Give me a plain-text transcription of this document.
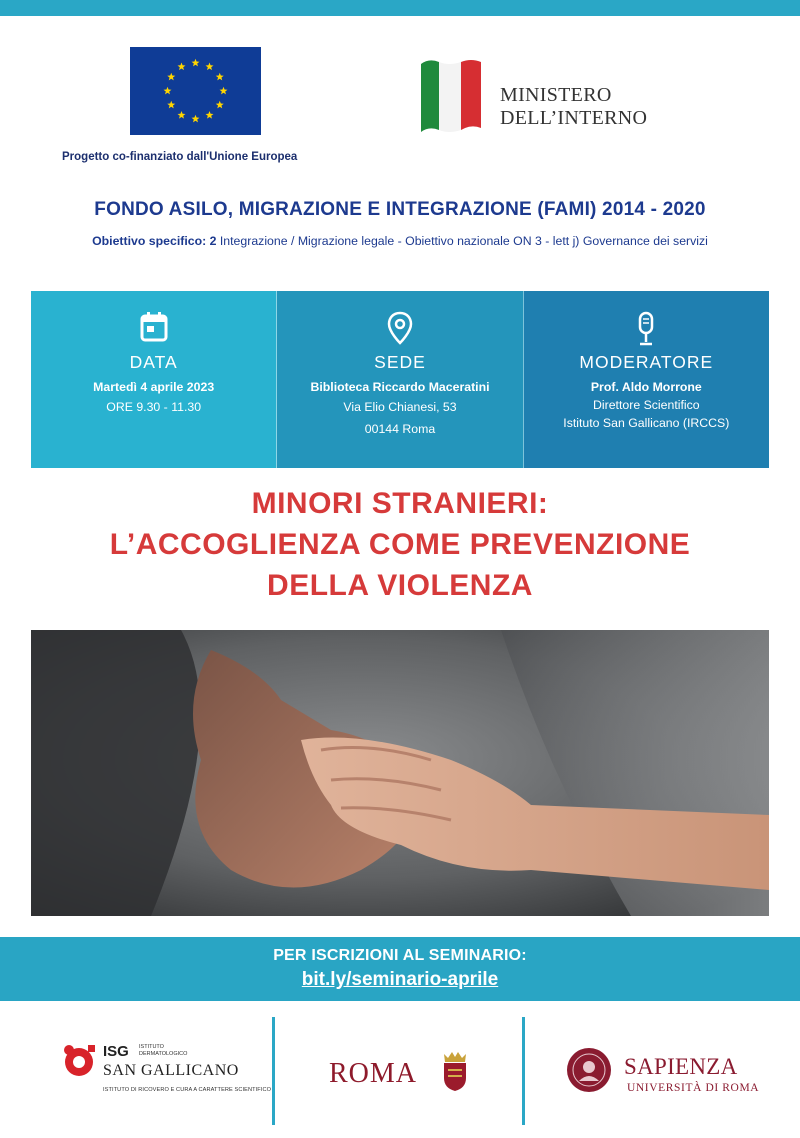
Progetto co-finanziato dall'Unione Europea
MINISTERO
DELL’INTERNO
FONDO ASILO, MIGRAZIONE E INTEGRAZIONE (FAMI) 2014 - 2020
Obiettivo specifico: 2 Integrazione / Migrazione legale - Obiettivo nazionale ON 3 - lett j) Governance dei servizi
DATA
Martedì 4 aprile 2023
ORE 9.30 - 11.30
SEDE
Biblioteca Riccardo Maceratini
Via Elio Chianesi, 53
00144 Roma
MODERATORE
Prof. Aldo Morrone
Direttore Scientifico
Istituto San Gallicano (IRCCS)
MINORI STRANIERI:
L’ACCOGLIENZA COME PREVENZIONE
DELLA VIOLENZA
PER ISCRIZIONI AL SEMINARIO:
bit.ly/seminario-aprile
ISG ISTITUTO DERMATOLOGICO
SAN GALLICANO
ISTITUTO DI RICOVERO E CURA A CARATTERE SCIENTIFICO
ROMA	SAPIENZA
UNIVERSITÀ DI ROMA
